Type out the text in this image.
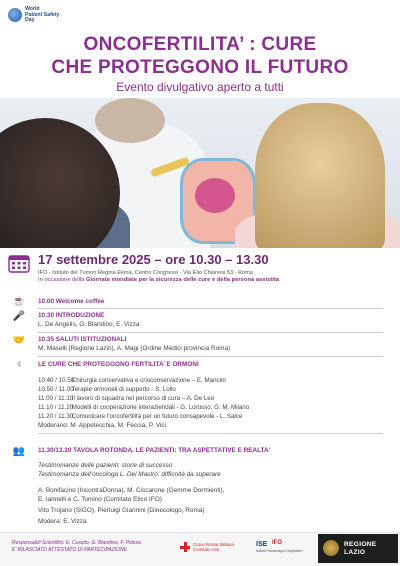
World
Patient Safety
Day
ONCOFERTILITA’ : CURE
CHE PROTEGGONO IL FUTURO
Evento divulgativo aperto a tutti
17 settembre 2025 – ore 10.30 – 13.30
IFO - Istituto dei Tumori Regina Elena, Centro Congressi - Via Elio Chianesi 53 - Roma
In occasione della Giornata mondiale per la sicurezza delle cure e della persona assistita
☕ 10.00 Welcome coffee
🎤 10.30 INTRODUZIONE
L. De Angelis, G. Blandino, E. Vizza
🤝 10.35 SALUTI ISTITUZIONALI
M. Maselli (Regione Lazio), A. Magi (Ordine Medici provincia Roma)
♀	LE CURE CHE PROTEGGONO FERTILITA’ E ORMONI
10.40 / 10.50 Chirurgia conservativa e crioconservazione – E. Mancini
10.50 / 11.00 Terapie ormonali di supporto - S. Lollo
11.00 / 11.10 Il lavoro di squadra nel percorso di cura – A. De Leo
11.10 / 11.20 Modelli di cooperazione interaziendali - G. Lorusso, G. M. Milano
11.20 / 11.30 Comunicare l’oncofertilità per un futuro consapevole - L. Salce
Moderano: M. Appetecchia, M. Feccia, P. Vici
👥 11.30/13.30 TAVOLA ROTONDA. LE PAZIENTI: TRA ASPETTATIVE E REALTA’
Testimonianze delle pazienti: storie di successo
Testimonianza dell’oncologa L. Del Mastro: difficoltà da superare
A. Bonifacino (IncontraDonna), M. Ciccarone (Gemme Dormienti),
E. Iannelli e C. Tomino (Comitato Etico IFO)
Vito Trojano (SIGO), Pierluigi Giannini (Ginecologo, Roma)
Modera: E. Vizza
Responsabili Scientifici: E. Cuscito, G. Blandino, F. Polosa
E' RILASCIATO ATTESTATO DI PARTECIPAZIONE
Croce Rossa Italiana
Comitato Ass.
ISE IFO
Istituti Fisioterapici Ospitalieri
REGIONE
LAZIO
